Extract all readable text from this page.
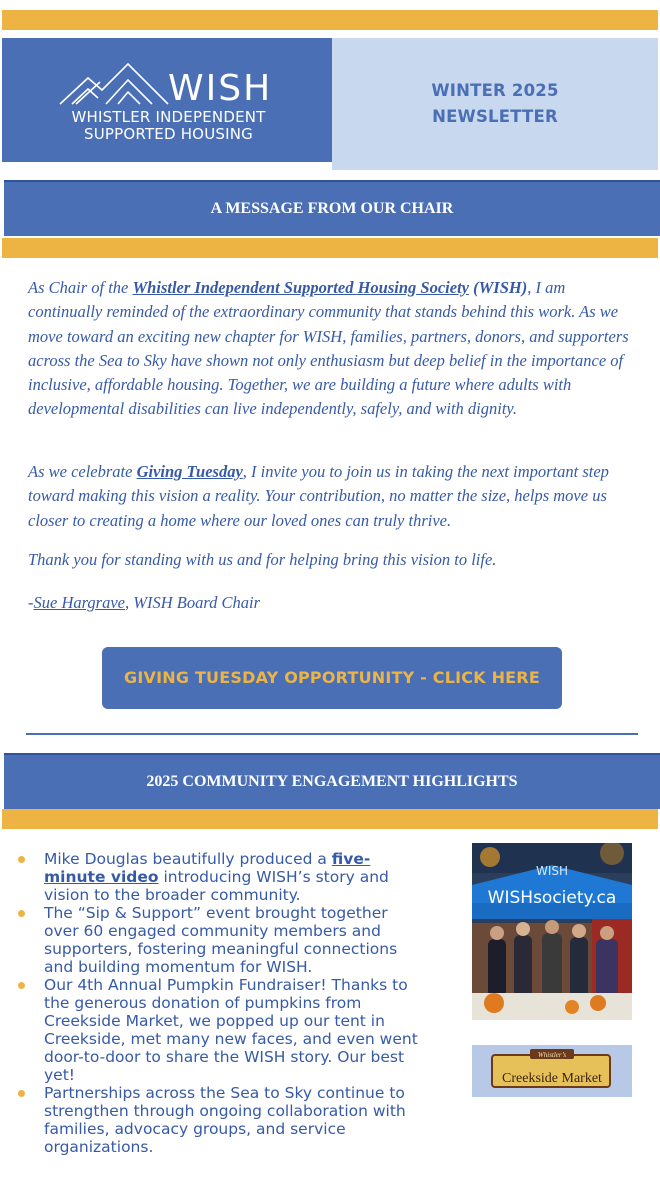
WISH
WHISTLER INDEPENDENT
SUPPORTED HOUSING
WINTER 2025
NEWSLETTER
A MESSAGE FROM OUR CHAIR

As Chair of the Whistler Independent Supported Housing Society (WISH), I am continually reminded of the extraordinary community that stands behind this work. As we move toward an exciting new chapter for WISH, families, partners, donors, and supporters across the Sea to Sky have shown not only enthusiasm but deep belief in the importance of inclusive, affordable housing. Together, we are building a future where adults with developmental disabilities can live independently, safely, and with dignity.

As we celebrate Giving Tuesday, I invite you to join us in taking the next important step toward making this vision a reality. Your contribution, no matter the size, helps move us closer to creating a home where our loved ones can truly thrive.

Thank you for standing with us and for helping bring this vision to life.

-Sue Hargrave, WISH Board Chair

GIVING TUESDAY OPPORTUNITY - CLICK HERE
2025 COMMUNITY ENGAGEMENT HIGHLIGHTS
Mike Douglas beautifully produced a five-minute video introducing WISH’s story and vision to the broader community.
The “Sip & Support” event brought together over 60 engaged community members and supporters, fostering meaningful connections and building momentum for WISH.
Our 4th Annual Pumpkin Fundraiser! Thanks to the generous donation of pumpkins from Creekside Market, we popped up our tent in Creekside, met many new faces, and even went door-to-door to share the WISH story. Our best yet!
Partnerships across the Sea to Sky continue to strengthen through ongoing collaboration with families, advocacy groups, and service organizations.
WISH
WISHsociety.ca
Whistler’s
Creekside Market
